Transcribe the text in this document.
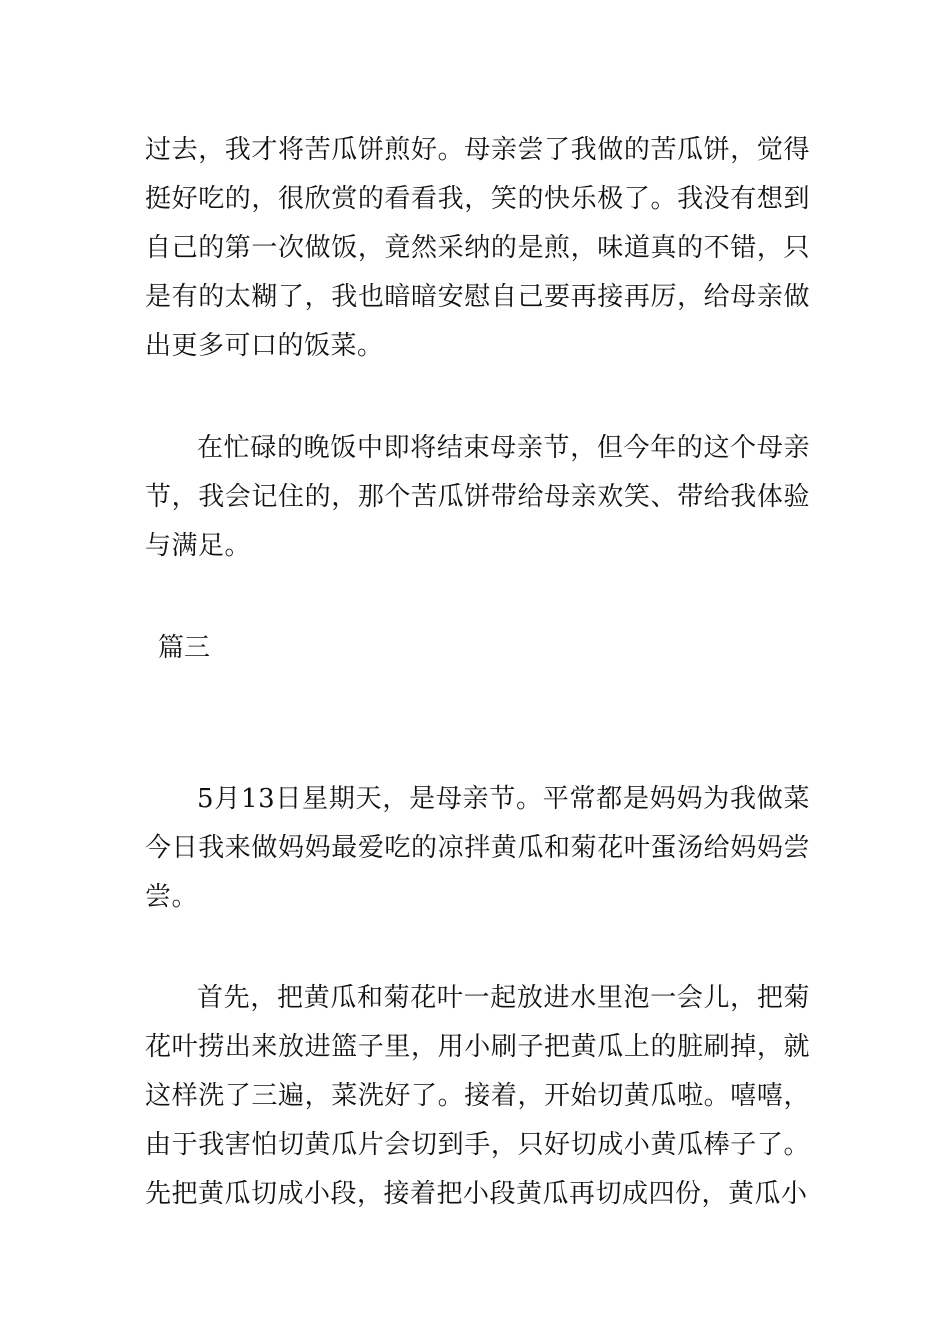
过去，我才将苦瓜饼煎好。母亲尝了我做的苦瓜饼，觉得挺好吃的，很欣赏的看看我，笑的快乐极了。我没有想到自己的第一次做饭，竟然采纳的是煎，味道真的不错，只是有的太糊了，我也暗暗安慰自己要再接再厉，给母亲做出更多可口的饭菜。

在忙碌的晚饭中即将结束母亲节，但今年的这个母亲节，我会记住的，那个苦瓜饼带给母亲欢笑、带给我体验与满足。

篇三

5月13日星期天，是母亲节。平常都是妈妈为我做菜今日我来做妈妈最爱吃的凉拌黄瓜和菊花叶蛋汤给妈妈尝尝。

首先，把黄瓜和菊花叶一起放进水里泡一会儿，把菊花叶捞出来放进篮子里，用小刷子把黄瓜上的脏刷掉，就这样洗了三遍，菜洗好了。接着，开始切黄瓜啦。嘻嘻，由于我害怕切黄瓜片会切到手，只好切成小黄瓜棒子了。先把黄瓜切成小段，接着把小段黄瓜再切成四份，黄瓜小
